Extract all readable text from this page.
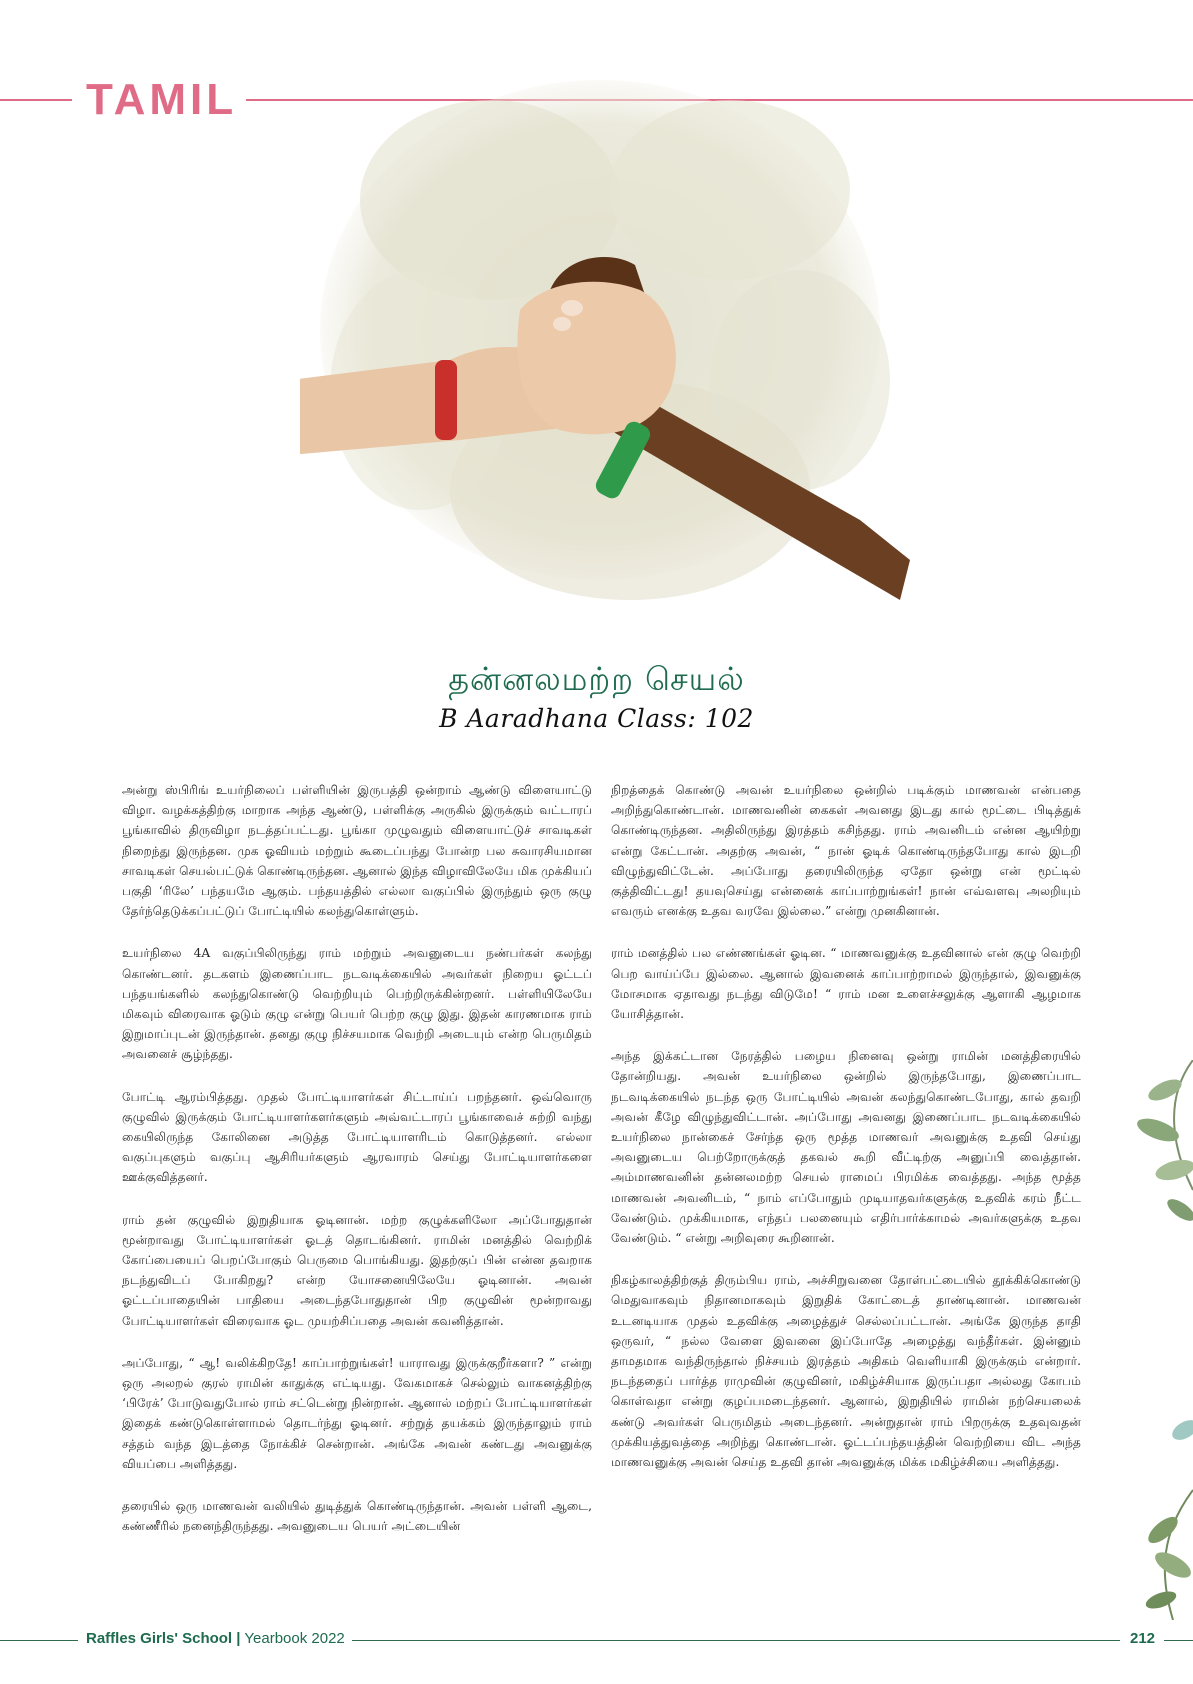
TAMIL
தன்னலமற்ற செயல்
B Aaradhana Class: 102

அன்று ஸ்பிரிங் உயர்நிலைப் பள்ளியின் இருபத்தி ஒன்றாம் ஆண்டு விளையாட்டு விழா. வழக்கத்திற்கு மாறாக அந்த ஆண்டு, பள்ளிக்கு அருகில் இருக்கும் வட்டாரப் பூங்காவில் திருவிழா நடத்தப்பட்டது. பூங்கா முழுவதும் விளையாட்டுச் சாவடிகள் நிறைந்து இருந்தன. முக ஓவியம் மற்றும் கூடைப்பந்து போன்ற பல சுவாரசியமான சாவடிகள் செயல்பட்டுக் கொண்டிருந்தன. ஆனால் இந்த விழாவிலேயே மிக முக்கியப் பகுதி ‘ரிலே’ பந்தயமே ஆகும். பந்தயத்தில் எல்லா வகுப்பில் இருந்தும் ஒரு குழு தேர்ந்தெடுக்கப்பட்டுப் போட்டியில் கலந்துகொள்ளும்.

உயர்நிலை 4A வகுப்பிலிருந்து ராம் மற்றும் அவனுடைய நண்பர்கள் கலந்து கொண்டனர். தடகளம் இணைப்பாட நடவடிக்கையில் அவர்கள் நிறைய ஓட்டப் பந்தயங்களில் கலந்துகொண்டு வெற்றியும் பெற்றிருக்கின்றனர். பள்ளியிலேயே மிகவும் விரைவாக ஓடும் குழு என்று பெயர் பெற்ற குழு இது. இதன் காரணமாக ராம் இறுமாப்புடன் இருந்தான். தனது குழு நிச்சயமாக வெற்றி அடையும் என்ற பெருமிதம் அவனைச் சூழ்ந்தது.

போட்டி ஆரம்பித்தது. முதல் போட்டியாளர்கள் சிட்டாய்ப் பறந்தனர். ஒவ்வொரு குழுவில் இருக்கும் போட்டியாளர்களர்களும் அவ்வட்டாரப் பூங்காவைச் சுற்றி வந்து கையிலிருந்த கோலினை அடுத்த போட்டியாளரிடம் கொடுத்தனர். எல்லா வகுப்புகளும் வகுப்பு ஆசிரியர்களும் ஆரவாரம் செய்து போட்டியாளர்களை ஊக்குவித்தனர்.

ராம் தன் குழுவில் இறுதியாக ஓடினான். மற்ற குழுக்களிலோ அப்போதுதான் மூன்றாவது போட்டியாளர்கள் ஓடத் தொடங்கினர். ராமின் மனத்தில் வெற்றிக் கோப்பையைப் பெறப்போகும் பெருமை பொங்கியது. இதற்குப் பின் என்ன தவறாக நடந்துவிடப் போகிறது? என்ற யோசனையிலேயே ஓடினான். அவன் ஓட்டப்பாதையின் பாதியை அடைந்தபோதுதான் பிற குழுவின் மூன்றாவது போட்டியாளர்கள் விரைவாக ஓட முயற்சிப்பதை அவன் கவனித்தான்.

அப்போது, “ ஆ! வலிக்கிறதே! காப்பாற்றுங்கள்! யாராவது இருக்குறீர்களா? ” என்று ஒரு அலறல் குரல் ராமின் காதுக்கு எட்டியது. வேகமாகச் செல்லும் வாகனத்திற்கு ‘பிரேக்’ போடுவதுபோல் ராம் சட்டென்று நின்றான். ஆனால் மற்றப் போட்டியாளர்கள் இதைக் கண்டுகொள்ளாமல் தொடர்ந்து ஓடினர். சற்றுத் தயக்கம் இருந்தாலும் ராம் சத்தம் வந்த இடத்தை நோக்கிச் சென்றான். அங்கே அவன் கண்டது அவனுக்கு வியப்பை அளித்தது.

தரையில் ஒரு மாணவன் வலியில் துடித்துக் கொண்டிருந்தான். அவன் பள்ளி ஆடை, கண்ணீரில் நனைந்திருந்தது. அவனுடைய பெயர் அட்டையின்

நிறத்தைக் கொண்டு அவன் உயர்நிலை ஒன்றில் படிக்கும் மாணவன் என்பதை அறிந்துகொண்டான். மாணவனின் கைகள் அவனது இடது கால் மூட்டை பிடித்துக் கொண்டிருந்தன. அதிலிருந்து இரத்தம் கசிந்தது. ராம் அவனிடம் என்ன ஆயிற்று என்று கேட்டான். அதற்கு அவன், “ நான் ஓடிக் கொண்டிருந்தபோது கால் இடறி விழுந்துவிட்டேன். அப்போது தரையிலிருந்த ஏதோ ஒன்று என் மூட்டில் குத்திவிட்டது! தயவுசெய்து என்னைக் காப்பாற்றுங்கள்! நான் எவ்வளவு அலறியும் எவரும் எனக்கு உதவ வரவே இல்லை.” என்று முனகினான்.

ராம் மனத்தில் பல எண்ணங்கள் ஓடின. “ மாணவனுக்கு உதவினால் என் குழு வெற்றி பெற வாய்ப்பே இல்லை. ஆனால் இவனைக் காப்பாற்றாமல் இருந்தால், இவனுக்கு மோசமாக ஏதாவது நடந்து விடுமே! “ ராம் மன உளைச்சலுக்கு ஆளாகி ஆழமாக யோசித்தான்.

அந்த இக்கட்டான நேரத்தில் பழைய நினைவு ஒன்று ராமின் மனத்திரையில் தோன்றியது. அவன் உயர்நிலை ஒன்றில் இருந்தபோது, இணைப்பாட நடவடிக்கையில் நடந்த ஒரு போட்டியில் அவன் கலந்துகொண்டபோது, கால் தவறி அவன் கீழே விழுந்துவிட்டான். அப்போது அவனது இணைப்பாட நடவடிக்கையில் உயர்நிலை நான்கைச் சேர்ந்த ஒரு மூத்த மாணவர் அவனுக்கு உதவி செய்து அவனுடைய பெற்றோருக்குத் தகவல் கூறி வீட்டிற்கு அனுப்பி வைத்தான். அம்மாணவனின் தன்னலமற்ற செயல் ராமைப் பிரமிக்க வைத்தது. அந்த மூத்த மாணவன் அவனிடம், “ நாம் எப்போதும் முடியாதவர்களுக்கு உதவிக் கரம் நீட்ட வேண்டும். முக்கியமாக, எந்தப் பலனையும் எதிர்பார்க்காமல் அவர்களுக்கு உதவ வேண்டும். “ என்று அறிவுரை கூறினான்.

நிகழ்காலத்திற்குத் திரும்பிய ராம், அச்சிறுவனை தோள்பட்டையில் தூக்கிக்கொண்டு மெதுவாகவும் நிதானமாகவும் இறுதிக் கோட்டைத் தாண்டினான். மாணவன் உடனடியாக முதல் உதவிக்கு அழைத்துச் செல்லப்பட்டான். அங்கே இருந்த தாதி ஒருவர், “ நல்ல வேளை இவனை இப்போதே அழைத்து வந்தீர்கள். இன்னும் தாமதமாக வந்திருந்தால் நிச்சயம் இரத்தம் அதிகம் வெளியாகி இருக்கும் என்றார். நடந்ததைப் பார்த்த ராமுவின் குழுவினர், மகிழ்ச்சியாக இருப்பதா அல்லது கோபம் கொள்வதா என்று குழப்பமடைந்தனர். ஆனால், இறுதியில் ராமின் நற்செயலைக் கண்டு அவர்கள் பெருமிதம் அடைந்தனர். அன்றுதான் ராம் பிறருக்கு உதவுவதன் முக்கியத்துவத்தை அறிந்து கொண்டான். ஓட்டப்பந்தயத்தின் வெற்றியை விட அந்த மாணவனுக்கு அவன் செய்த உதவி தான் அவனுக்கு மிக்க மகிழ்ச்சியை அளித்தது.

Raffles Girls' School | Yearbook 2022	212
